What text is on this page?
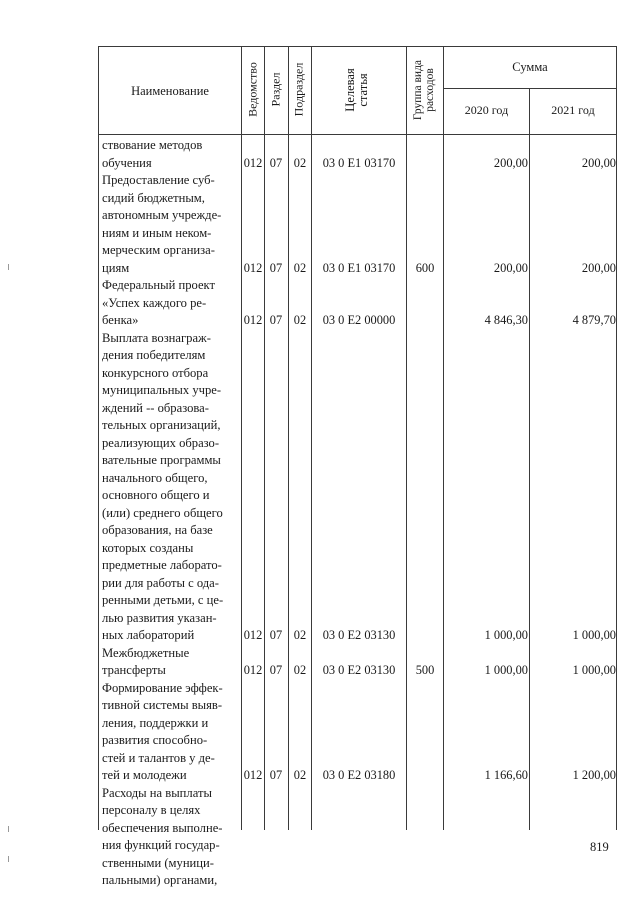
Наименование	Ведомство Раздел Подраздел	Целевая статья	Группа вида расходов
Сумма
2020 год	2021 год
ствование методов
обучения	012 07 02	03 0 E1 03170	200,00	200,00
Предоставление суб-
сидий бюджетным,
автономным учрежде-
ниям и иным неком-
мерческим организа-
циям	012 07 02	03 0 E1 03170	600	200,00	200,00
Федеральный проект
«Успех каждого ре-
бенка»	012 07 02	03 0 E2 00000	4 846,30	4 879,70
Выплата вознаграж-
дения победителям
конкурсного отбора
муниципальных учре-
ждений -- образова-
тельных организаций,
реализующих образо-
вательные программы
начального общего,
основного общего и
(или) среднего общего
образования, на базе
которых созданы
предметные лаборато-
рии для работы с ода-
ренными детьми, с це-
лью развития указан-
ных лабораторий	012 07 02	03 0 E2 03130	1 000,00	1 000,00
Межбюджетные
трансферты	012 07 02	03 0 E2 03130	500	1 000,00	1 000,00
Формирование эффек-
тивной системы выяв-
ления, поддержки и
развития способно-
стей и талантов у де-
тей и молодежи	012 07 02	03 0 E2 03180	1 166,60	1 200,00
Расходы на выплаты
персоналу в целях
обеспечения выполне-
ния функций государ-
ственными (муници-
пальными) органами,
819
